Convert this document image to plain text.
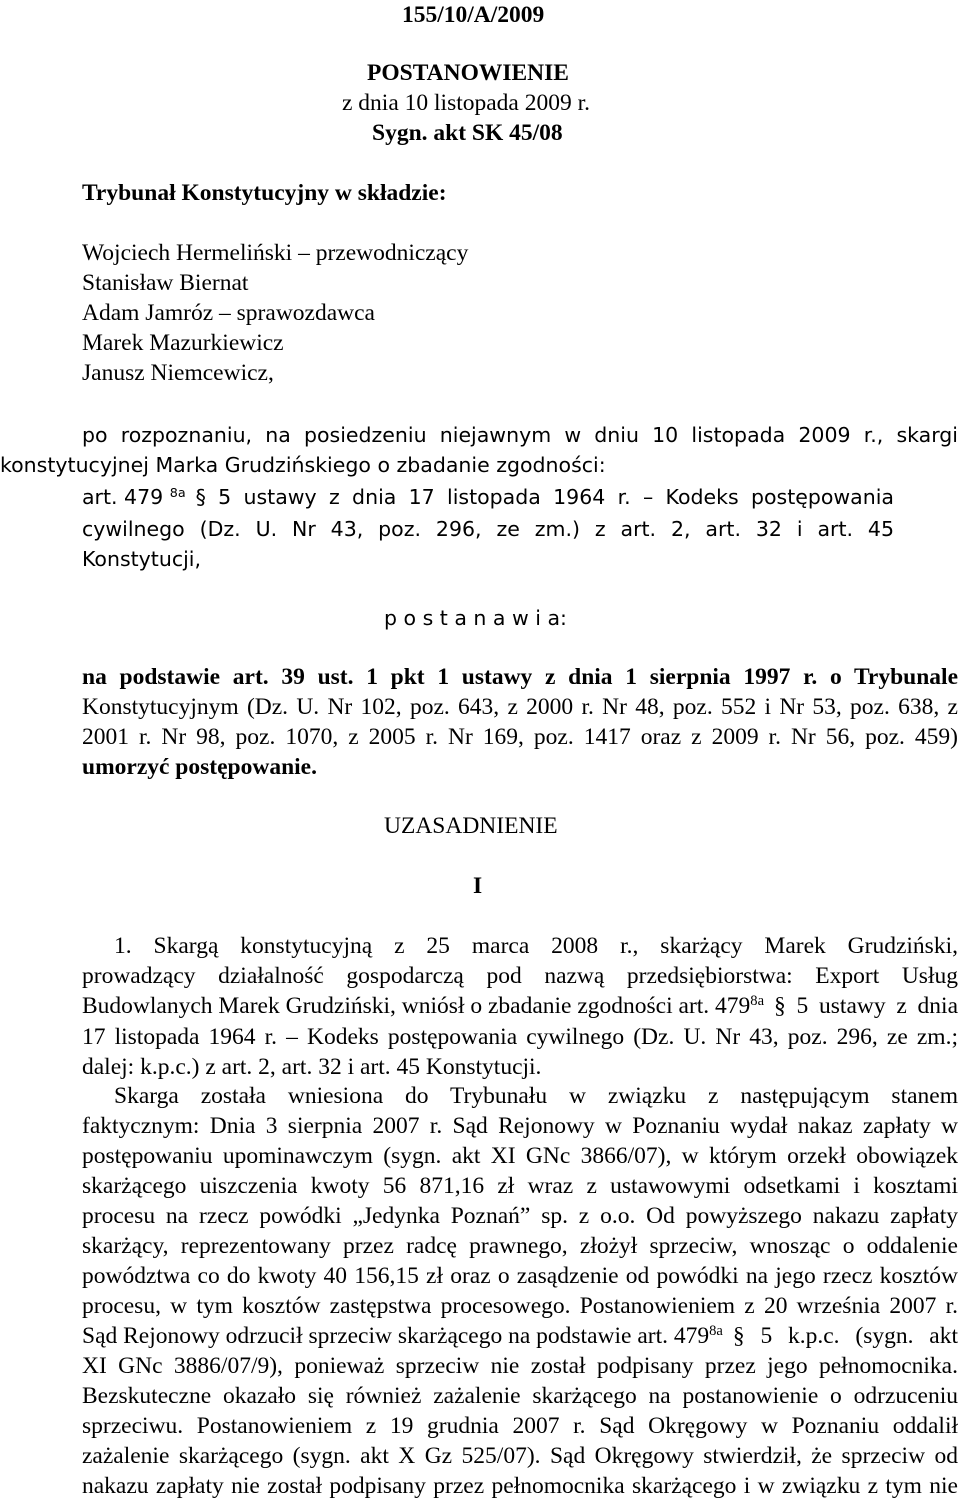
155/10/A/2009
POSTANOWIENIE
z dnia 10 listopada 2009 r.
Sygn. akt SK 45/08
Trybunał Konstytucyjny w składzie:
Wojciech Hermeliński – przewodniczący
Stanisław Biernat
Adam Jamróz – sprawozdawca
Marek Mazurkiewicz
Janusz Niemcewicz,
po rozpoznaniu, na posiedzeniu niejawnym w dniu 10 listopada 2009 r., skargi
konstytucyjnej Marka Grudzińskiego o zbadanie zgodności:
art. 479 $^{8a}$ § 5 ustawy z dnia 17 listopada 1964 r. – Kodeks postępowania
cywilnego (Dz. U. Nr 43, poz. 296, ze zm.) z art. 2, art. 32 i art. 45
Konstytucji,
p o s t a n a w i a:
na podstawie art. 39 ust. 1 pkt 1 ustawy z dnia 1 sierpnia 1997 r. o Trybunale
Konstytucyjnym (Dz. U. Nr 102, poz. 643, z 2000 r. Nr 48, poz. 552 i Nr 53, poz. 638, z
2001 r. Nr 98, poz. 1070, z 2005 r. Nr 169, poz. 1417 oraz z 2009 r. Nr 56, poz. 459)
umorzyć postępowanie.
UZASADNIENIE
I
1. Skargą konstytucyjną z 25 marca 2008 r., skarżący Marek Grudziński,
prowadzący działalność gospodarczą pod nazwą przedsiębiorstwa: Export Usług
Budowlanych Marek Grudziński, wniósł o zbadanie zgodności art. $479^{8a}$ § 5 ustawy z dnia
17 listopada 1964 r. – Kodeks postępowania cywilnego (Dz. U. Nr 43, poz. 296, ze zm.;
dalej: k.p.c.) z art. 2, art. 32 i art. 45 Konstytucji.
Skarga została wniesiona do Trybunału w związku z następującym stanem
faktycznym: Dnia 3 sierpnia 2007 r. Sąd Rejonowy w Poznaniu wydał nakaz zapłaty w
postępowaniu upominawczym (sygn. akt XI GNc 3866/07), w którym orzekł obowiązek
skarżącego uiszczenia kwoty 56 871,16 zł wraz z ustawowymi odsetkami i kosztami
procesu na rzecz powódki „Jedynka Poznań” sp. z o.o. Od powyższego nakazu zapłaty
skarżący, reprezentowany przez radcę prawnego, złożył sprzeciw, wnosząc o oddalenie
powództwa co do kwoty 40 156,15 zł oraz o zasądzenie od powódki na jego rzecz kosztów
procesu, w tym kosztów zastępstwa procesowego. Postanowieniem z 20 września 2007 r.
Sąd Rejonowy odrzucił sprzeciw skarżącego na podstawie art. $479^{8a}$ § 5 k.p.c. (sygn. akt
XI GNc 3886/07/9), ponieważ sprzeciw nie został podpisany przez jego pełnomocnika.
Bezskuteczne okazało się również zażalenie skarżącego na postanowienie o odrzuceniu
sprzeciwu. Postanowieniem z 19 grudnia 2007 r. Sąd Okręgowy w Poznaniu oddalił
zażalenie skarżącego (sygn. akt X Gz 525/07). Sąd Okręgowy stwierdził, że sprzeciw od
nakazu zapłaty nie został podpisany przez pełnomocnika skarżącego i w związku z tym nie
